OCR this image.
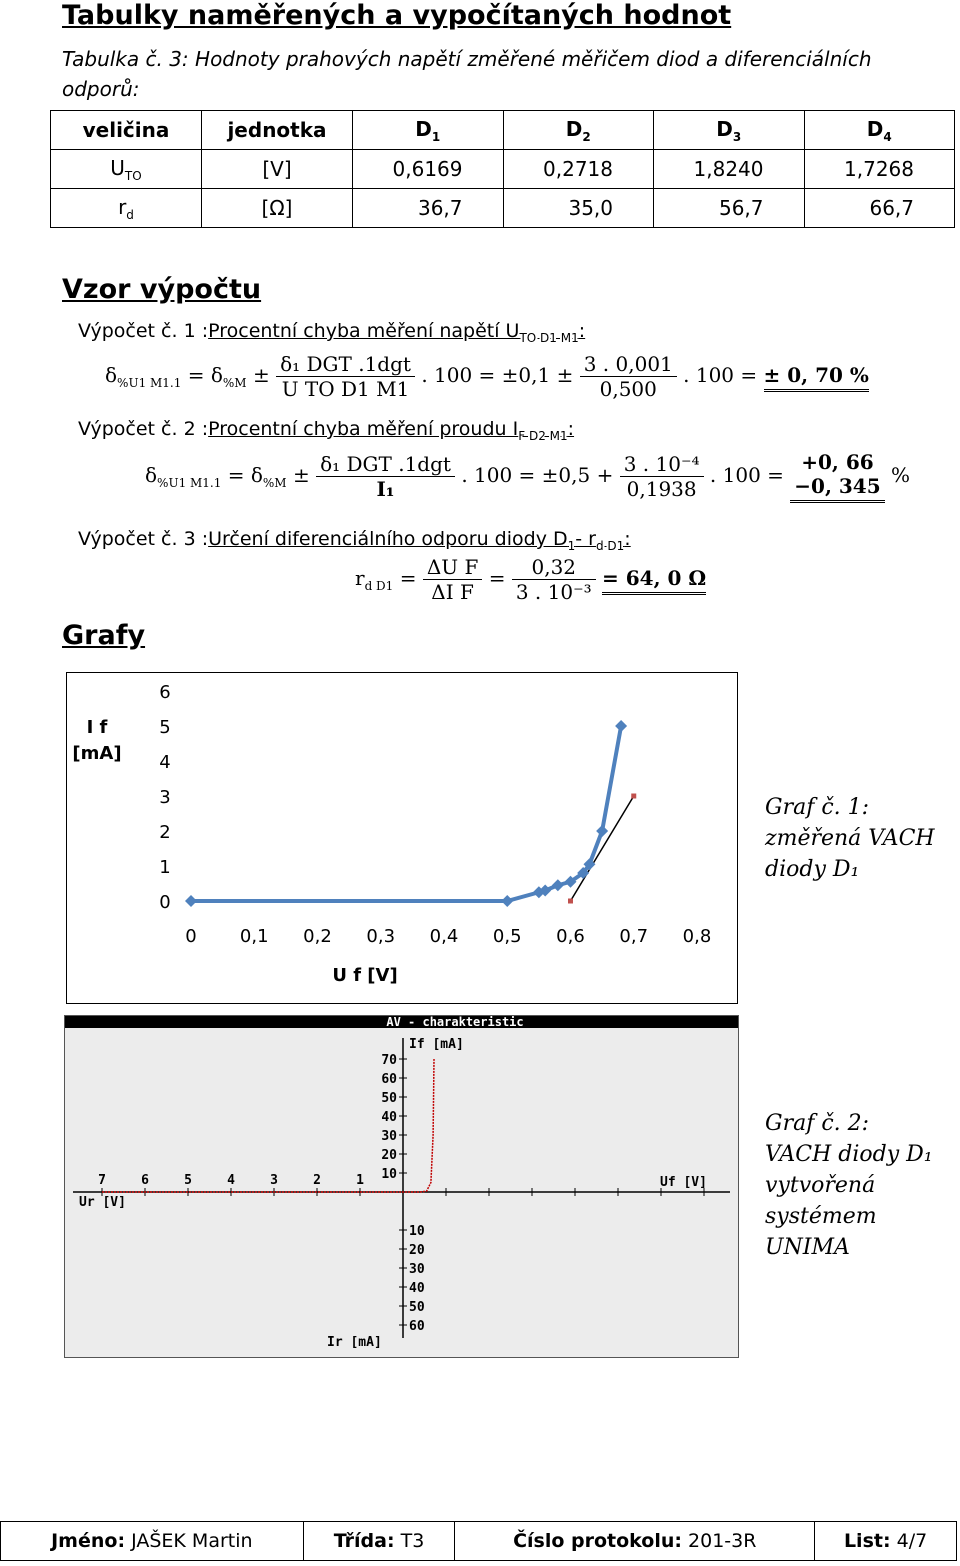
Tabulky naměřených a vypočítaných hodnot
Tabulka č. 3: Hodnoty prahových napětí změřené měřičem diod a diferenciálních odporů:
veličina	jednotka	$D_1$	$D_2$	$D_3$	$D_4$
$U_{TO}$	[V]	0,6169	0,2718	1,8240	1,7268
$r_d$	[Ω]	36,7	35,0	56,7	66,7
Vzor výpočtu
Výpočet č. 1 :Procentní chyba měření napětí $U_{TO D1 M1}$:
$\delta_{\%U1 M1.1} = \delta_{\%M} \pm \frac{\text{δ₁ DGT .1dgt}}{\text{U TO D1 M1}}$ . $100 = \pm 0,1 \pm \frac{3 . 0,001}{0,500}$ . 100 = ± 0, 70 %
Výpočet č. 2 :Procentní chyba měření proudu $I_{F D2 M1}$:
$\delta_{\%U1 M1.1} = \delta_{\%M} \pm \frac{\text{δ₁ DGT .1dgt}}{\text{I₁}}$ . $100 = \pm 0,5 + \frac{\text{3 . 10⁻⁴}}{0,1938}$ . 100 =
+0, 66
−0, 345 %
Výpočet č. 3 :Určení diferenciálního odporu diody $D_1-$ $r_{d D1}$:
$r_{d D1} = \frac{\text{ΔU F}}{\text{ΔI F}} = \frac{0,32}{\text{3 . 10⁻³}} = 64$, 0 Ω
Grafy
I f
U f [V]
0
1
2
3
4
5
6
0 0,1 0,2 0,3 0,4 0,5 0,6 0,7 0,8
[mA]
Graf č. 1:
změřená VACH
diody D₁
AV - charakteristic
If [mA]
Uf [V]
Ur [V]
Ir [mA]
7	6	5	4	3	2	1
70
60
50
40
30
20
10
10
20
30
40
50
60
Graf č. 2:
VACH diody D₁
vytvořená
systémem
UNIMA
Jméno: JAŠEK Martin	Třída: T3	Číslo protokolu: 201-3R	List: 4/7
